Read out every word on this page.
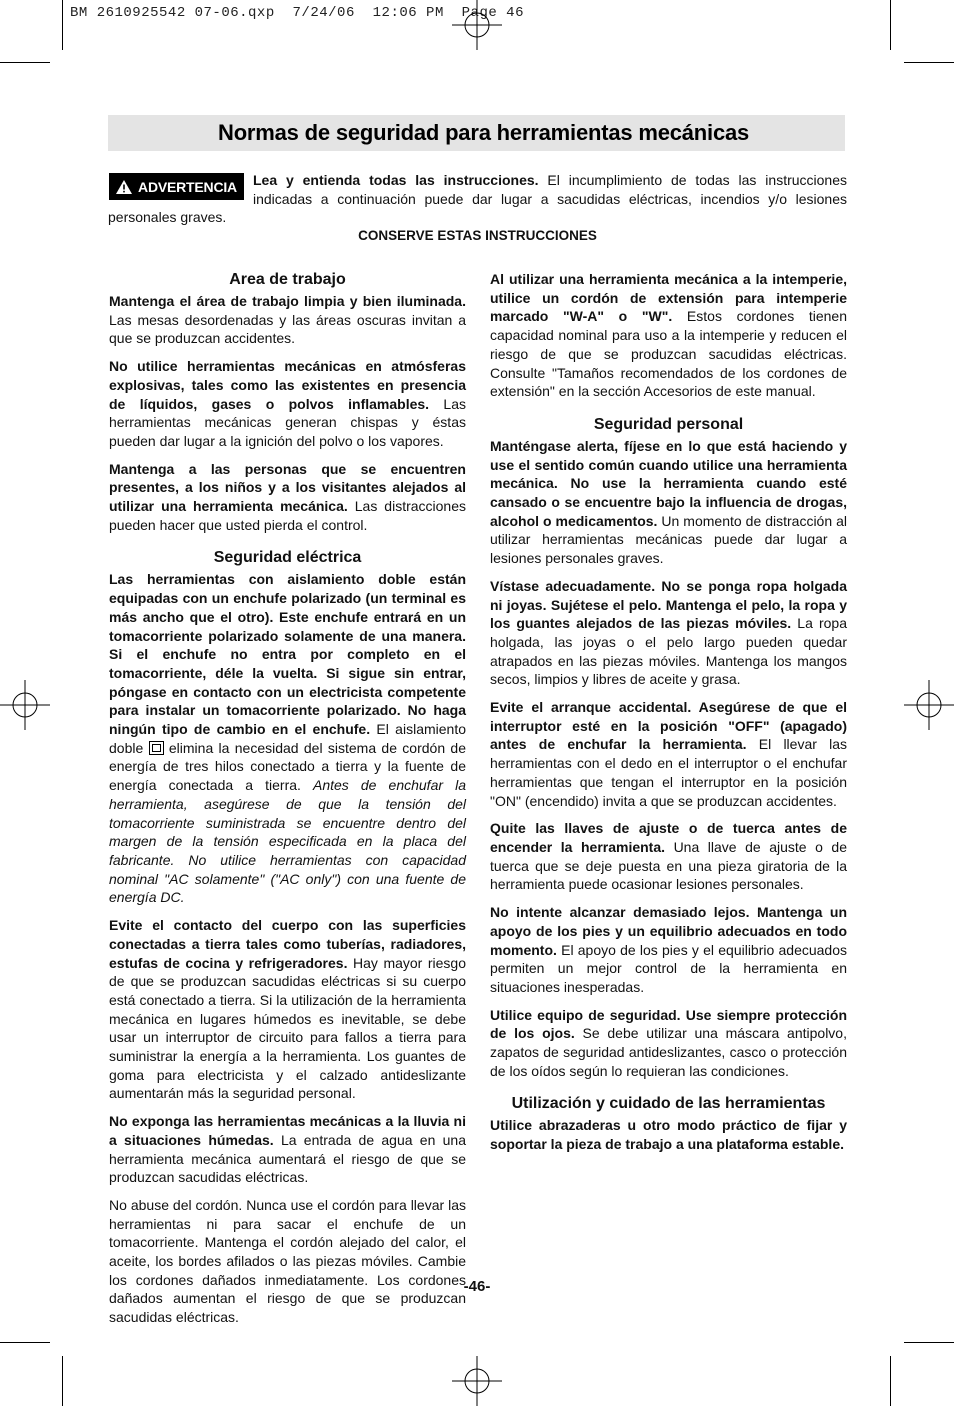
BM 2610925542 07-06.qxp  7/24/06  12:06 PM  Page 46
Normas de seguridad para herramientas mecánicas
ADVERTENCIA	Lea y entienda todas las instrucciones. El incumplimiento de todas las instrucciones indicadas a continuación puede dar lugar a sacudidas eléctricas, incendios y/o lesiones personales graves.

CONSERVE ESTAS INSTRUCCIONES

Area de trabajo

Mantenga el área de trabajo limpia y bien iluminada. Las mesas desordenadas y las áreas oscuras invitan a que se produzcan accidentes.

No utilice herramientas mecánicas en atmósferas explosivas, tales como las existentes en presencia de líquidos, gases o polvos inflamables. Las herramientas mecánicas generan chispas y éstas pueden dar lugar a la ignición del polvo o los vapores.

Mantenga a las personas que se encuentren presentes, a los niños y a los visitantes alejados al utilizar una herramienta mecánica. Las distracciones pueden hacer que usted pierda el control.

Seguridad eléctrica

Las herramientas con aislamiento doble están equipadas con un enchufe polarizado (un terminal es más ancho que el otro). Este enchufe entrará en un tomacorriente polarizado solamente de una manera. Si el enchufe no entra por completo en el tomacorriente, déle la vuelta. Si sigue sin entrar, póngase en contacto con un electricista competente para instalar un tomacorriente polarizado. No haga ningún tipo de cambio en el enchufe. El aislamiento doble  elimina la necesidad del sistema de cordón de energía de tres hilos conectado a tierra y la fuente de energía conectada a tierra. Antes de enchufar la herramienta, asegúrese de que la tensión del tomacorriente suministrada se encuentre dentro del margen de la tensión especificada en la placa del fabricante. No utilice herramientas con capacidad nominal "AC solamente" ("AC only") con una fuente de energía DC.

Evite el contacto del cuerpo con las superficies conectadas a tierra tales como tuberías, radiadores, estufas de cocina y refrigeradores. Hay mayor riesgo de que se produzcan sacudidas eléctricas si su cuerpo está conectado a tierra. Si la utilización de la herramienta mecánica en lugares húmedos es inevitable, se debe usar un interruptor de circuito para fallos a tierra para suministrar la energía a la herramienta. Los guantes de goma para electricista y el calzado antideslizante aumentarán más la seguridad personal.

No exponga las herramientas mecánicas a la lluvia ni a situaciones húmedas. La entrada de agua en una herramienta mecánica aumentará el riesgo de que se produzcan sacudidas eléctricas.

No abuse del cordón. Nunca use el cordón para llevar las herramientas ni para sacar el enchufe de un tomacorriente. Mantenga el cordón alejado del calor, el aceite, los bordes afilados o las piezas móviles. Cambie los cordones dañados inmediatamente. Los cordones dañados aumentan el riesgo de que se produzcan sacudidas eléctricas.

Al utilizar una herramienta mecánica a la intemperie, utilice un cordón de extensión para intemperie marcado "W-A" o "W". Estos cordones tienen capacidad nominal para uso a la intemperie y reducen el riesgo de que se produzcan sacudidas eléctricas. Consulte "Tamaños recomendados de los cordones de extensión" en la sección Accesorios de este manual.

Seguridad personal

Manténgase alerta, fíjese en lo que está haciendo y use el sentido común cuando utilice una herramienta mecánica. No use la herramienta cuando esté cansado o se encuentre bajo la influencia de drogas, alcohol o medicamentos. Un momento de distracción al utilizar herramientas mecánicas puede dar lugar a lesiones personales graves.

Vístase adecuadamente. No se ponga ropa holgada ni joyas. Sujétese el pelo. Mantenga el pelo, la ropa y los guantes alejados de las piezas móviles. La ropa holgada, las joyas o el pelo largo pueden quedar atrapados en las piezas móviles. Mantenga los mangos secos, limpios y libres de aceite y grasa.

Evite el arranque accidental. Asegúrese de que el interruptor esté en la posición "OFF" (apagado) antes de enchufar la herramienta. El llevar las herramientas con el dedo en el interruptor o el enchufar herramientas que tengan el interruptor en la posición "ON" (encendido) invita a que se produzcan accidentes.

Quite las llaves de ajuste o de tuerca antes de encender la herramienta. Una llave de ajuste o de tuerca que se deje puesta en una pieza giratoria de la herramienta puede ocasionar lesiones personales.

No intente alcanzar demasiado lejos. Mantenga un apoyo de los pies y un equilibrio adecuados en todo momento. El apoyo de los pies y el equilibrio adecuados permiten un mejor control de la herramienta en situaciones inesperadas.

Utilice equipo de seguridad. Use siempre protección de los ojos. Se debe utilizar una máscara antipolvo, zapatos de seguridad antideslizantes, casco o protección de los oídos según lo requieran las condiciones.

Utilización y cuidado de las herramientas

Utilice abrazaderas u otro modo práctico de fijar y soportar la pieza de trabajo a una plataforma estable.

-46-
